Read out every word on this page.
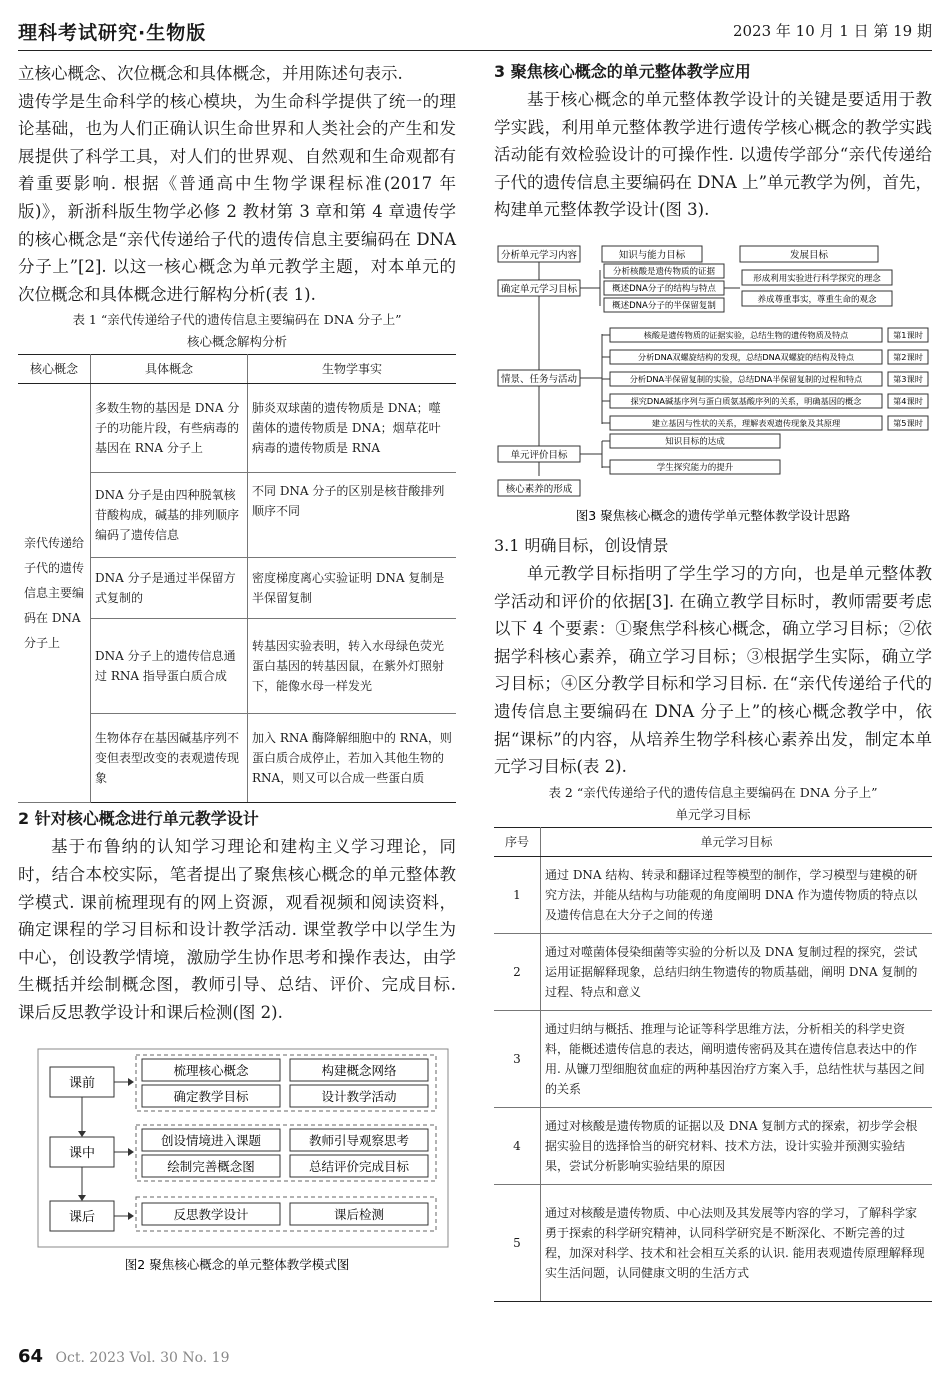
理科考试研究·生物版	2023 年 10 月 1 日 第 19 期

立核心概念、次位概念和具体概念，并用陈述句表示.

遗传学是生命科学的核心模块，为生命科学提供了统一的理论基础，也为人们正确认识生命世界和人类社会的产生和发展提供了科学工具，对人们的世界观、自然观和生命观都有着重要影响. 根据《普通高中生物学课程标准(2017 年版)》，新浙科版生物学必修 2 教材第 3 章和第 4 章遗传学的核心概念是“亲代传递给子代的遗传信息主要编码在 DNA 分子上”[2]. 以这一核心概念为单元教学主题，对本单元的次位概念和具体概念进行解构分析(表 1).

表 1 “亲代传递给子代的遗传信息主要编码在 DNA 分子上”
核心概念解构分析
核心概念	具体概念	生物学事实
亲代传递给子代的遗传信息主要编码在 DNA 分子上	多数生物的基因是 DNA 分子的功能片段，有些病毒的基因在 RNA 分子上	肺炎双球菌的遗传物质是 DNA；噬菌体的遗传物质是 DNA；烟草花叶病毒的遗传物质是 RNA
	DNA 分子是由四种脱氧核苷酸构成，碱基的排列顺序编码了遗传信息	不同 DNA 分子的区别是核苷酸排列顺序不同
	DNA 分子是通过半保留方式复制的	密度梯度离心实验证明 DNA 复制是半保留复制
	DNA 分子上的遗传信息通过 RNA 指导蛋白质合成	转基因实验表明，转入水母绿色荧光蛋白基因的转基因鼠，在紫外灯照射下，能像水母一样发光
	生物体存在基因碱基序列不变但表型改变的表观遗传现象	加入 RNA 酶降解细胞中的 RNA，则蛋白质合成停止，若加入其他生物的 RNA，则又可以合成一些蛋白质
2 针对核心概念进行单元教学设计

基于布鲁纳的认知学习理论和建构主义学习理论，同时，结合本校实际，笔者提出了聚焦核心概念的单元整体教学模式. 课前梳理现有的网上资源，观看视频和阅读资料，确定课程的学习目标和设计教学活动. 课堂教学中以学生为中心，创设教学情境，激励学生协作思考和操作表达，由学生概括并绘制概念图，教师引导、总结、评价、完成目标. 课后反思教学设计和课后检测(图 2).

课前
课中
课后
梳理核心概念	构建概念网络
确定教学目标	设计教学活动
创设情境进入课题	教师引导观察思考
绘制完善概念图	总结评价完成目标
反思教学设计	课后检测
图2 聚焦核心概念的单元整体教学模式图
3 聚焦核心概念的单元整体教学应用

基于核心概念的单元整体教学设计的关键是要适用于教学实践，利用单元整体教学进行遗传学核心概念的教学实践活动能有效检验设计的可操作性. 以遗传学部分“亲代传递给子代的遗传信息主要编码在 DNA 上”单元教学为例，首先，构建单元整体教学设计(图 3).

分析单元学习内容	知识与能力目标	发展目标
确定单元学习目标
分析核酸是遗传物质的证据
概述DNA分子的结构与特点
概述DNA分子的半保留复制
形成利用实验进行科学探究的理念
养成尊重事实，尊重生命的观念
情景、任务与活动
核酸是遗传物质的证据实验，总结生物的遗传物质及特点	第1课时
分析DNA双螺旋结构的发现，总结DNA双螺旋的结构及特点	第2课时
分析DNA半保留复制的实验，总结DNA半保留复制的过程和特点	第3课时
探究DNA碱基序列与蛋白质氨基酸序列的关系，明确基因的概念	第4课时
建立基因与性状的关系，理解表观遗传现象及其原理	第5课时
单元评价目标
知识目标的达成
学生探究能力的提升
核心素养的形成
图3 聚焦核心概念的遗传学单元整体教学设计思路
3.1 明确目标，创设情景

单元教学目标指明了学生学习的方向，也是单元整体教学活动和评价的依据[3]. 在确立教学目标时，教师需要考虑以下 4 个要素：①聚焦学科核心概念，确立学习目标；②依据学科核心素养，确立学习目标；③根据学生实际，确立学习目标；④区分教学目标和学习目标. 在“亲代传递给子代的遗传信息主要编码在 DNA 分子上”的核心概念教学中，依据“课标”的内容，从培养生物学科核心素养出发，制定本单元学习目标(表 2).

表 2 “亲代传递给子代的遗传信息主要编码在 DNA 分子上”
单元学习目标
序号	单元学习目标
1	通过 DNA 结构、转录和翻译过程等模型的制作，学习模型与建模的研究方法，并能从结构与功能观的角度阐明 DNA 作为遗传物质的特点以及遗传信息在大分子之间的传递
2	通过对噬菌体侵染细菌等实验的分析以及 DNA 复制过程的探究，尝试运用证据解释现象，总结归纳生物遗传的物质基础，阐明 DNA 复制的过程、特点和意义
3	通过归纳与概括、推理与论证等科学思维方法，分析相关的科学史资料，能概述遗传信息的表达，阐明遗传密码及其在遗传信息表达中的作用. 从镰刀型细胞贫血症的两种基因治疗方案入手，总结性状与基因之间的关系
4	通过对核酸是遗传物质的证据以及 DNA 复制方式的探索，初步学会根据实验目的选择恰当的研究材料、技术方法，设计实验并预测实验结果，尝试分析影响实验结果的原因
5	通过对核酸是遗传物质、中心法则及其发展等内容的学习，了解科学家勇于探索的科学研究精神，认同科学研究是不断深化、不断完善的过程，加深对科学、技术和社会相互关系的认识. 能用表观遗传原理解释现实生活问题，认同健康文明的生活方式
64 Oct. 2023 Vol. 30 No. 19
